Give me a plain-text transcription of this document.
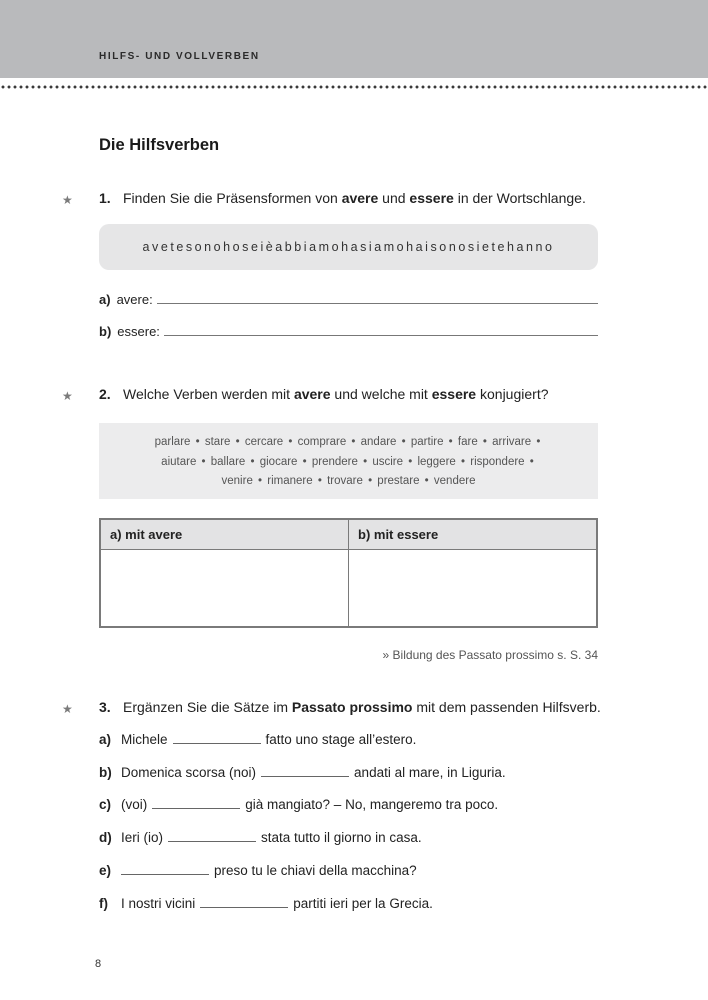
HILFS- UND VOLLVERBEN
Die Hilfsverben
★ 1. Finden Sie die Präsensformen von avere und essere in der Wortschlange.
avetesonohoseièabbiamohasiamohaisonosietehanno
a) avere:
b) essere:
★ 2. Welche Verben werden mit avere und welche mit essere konjugiert?
parlare • stare • cercare • comprare • andare • partire • fare • arrivare •
aiutare • ballare • giocare • prendere • uscire • leggere • rispondere •
venire • rimanere • trovare • prestare • vendere
a) mit avere	b) mit essere
» Bildung des Passato prossimo s. S. 34
★ 3. Ergänzen Sie die Sätze im Passato prossimo mit dem passenden Hilfsverb.
a) Michele	fatto uno stage all’estero.
b) Domenica scorsa (noi)	andati al mare, in Liguria.
c) (voi)	già mangiato? – No, mangeremo tra poco.
d) Ieri (io)	stata tutto il giorno in casa.
e)	preso tu le chiavi della macchina?
f) I nostri vicini	partiti ieri per la Grecia.
8
